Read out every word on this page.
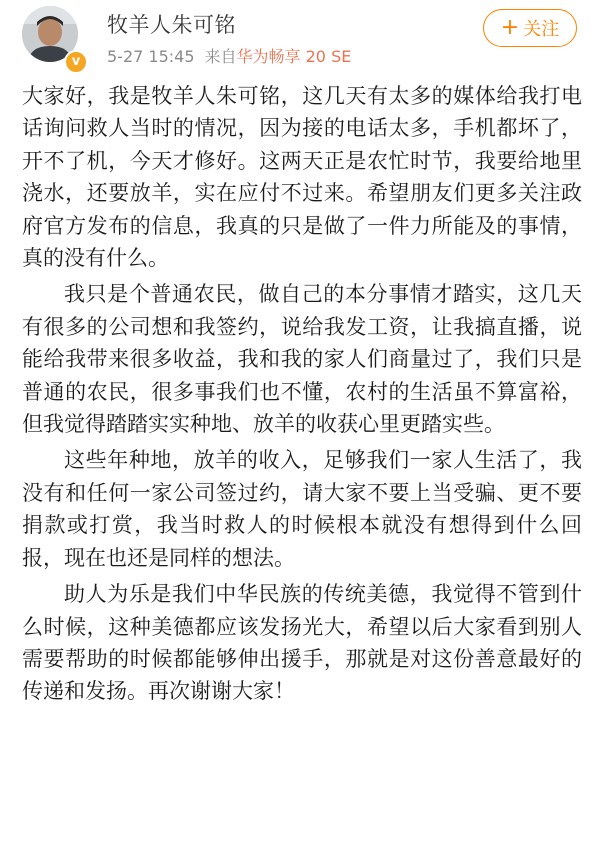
v
牧羊人朱可铭
5-27 15:45 来自华为畅享 20 SE
+ 关注

大家好，我是牧羊人朱可铭，这几天有太多的媒体给我打电话询问救人当时的情况，因为接的电话太多，手机都坏了，开不了机，今天才修好。这两天正是农忙时节，我要给地里浇水，还要放羊，实在应付不过来。希望朋友们更多关注政府官方发布的信息，我真的只是做了一件力所能及的事情，真的没有什么。

我只是个普通农民，做自己的本分事情才踏实，这几天有很多的公司想和我签约，说给我发工资，让我搞直播，说能给我带来很多收益，我和我的家人们商量过了，我们只是普通的农民，很多事我们也不懂，农村的生活虽不算富裕，但我觉得踏踏实实种地、放羊的收获心里更踏实些。

这些年种地，放羊的收入，足够我们一家人生活了，我没有和任何一家公司签过约，请大家不要上当受骗、更不要捐款或打赏，我当时救人的时候根本就没有想得到什么回报，现在也还是同样的想法。

助人为乐是我们中华民族的传统美德，我觉得不管到什么时候，这种美德都应该发扬光大，希望以后大家看到别人需要帮助的时候都能够伸出援手，那就是对这份善意最好的传递和发扬。再次谢谢大家！
